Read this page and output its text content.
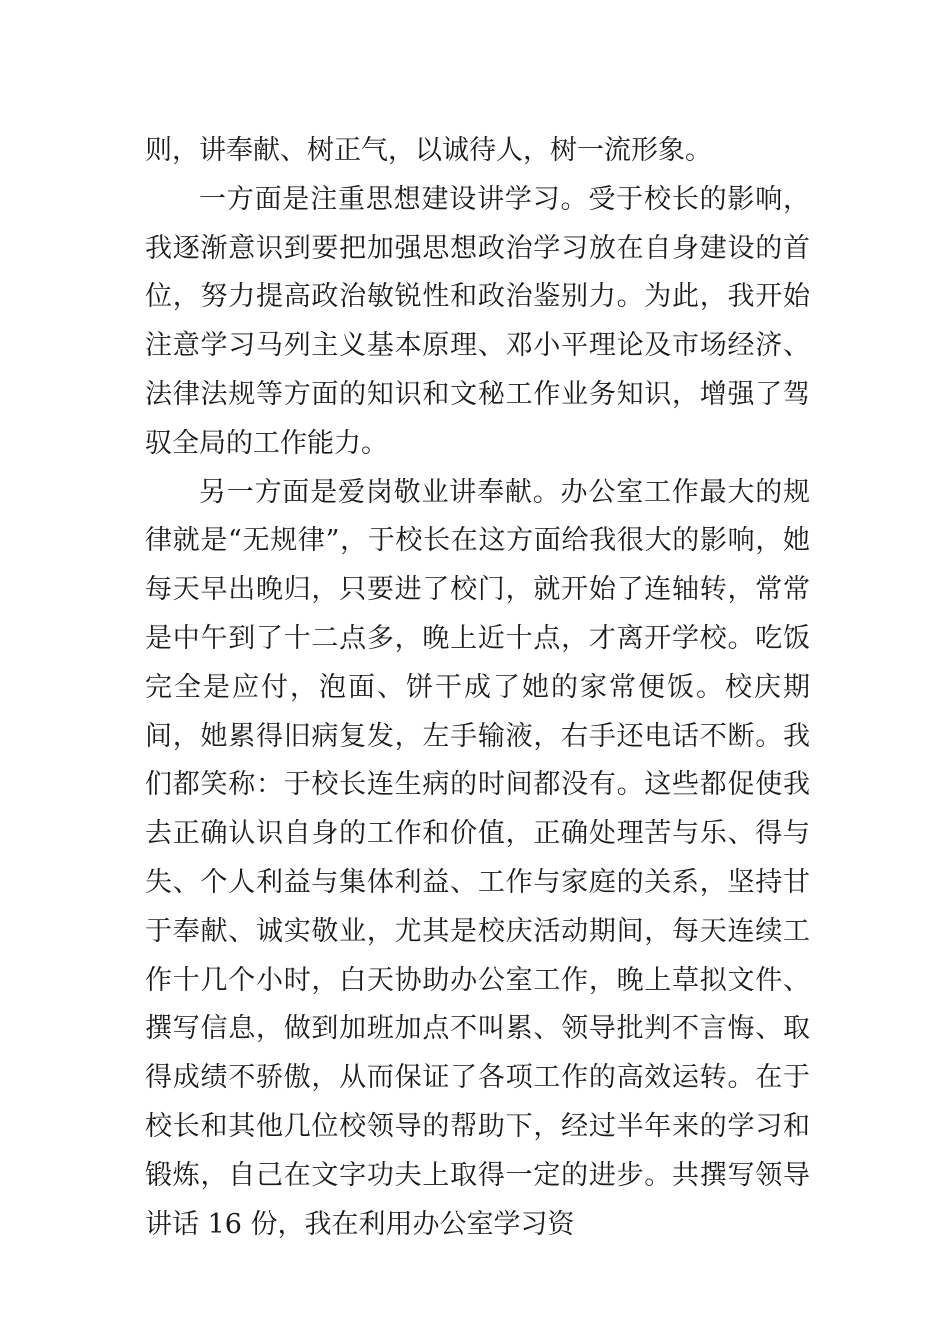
则，讲奉献、树正气，以诚待人，树一流形象。

一方面是注重思想建设讲学习。受于校长的影响，我逐渐意识到要把加强思想政治学习放在自身建设的首位，努力提高政治敏锐性和政治鉴别力。为此，我开始注意学习马列主义基本原理、邓小平理论及市场经济、法律法规等方面的知识和文秘工作业务知识，增强了驾驭全局的工作能力。

另一方面是爱岗敬业讲奉献。办公室工作最大的规律就是“无规律”，于校长在这方面给我很大的影响，她每天早出晚归，只要进了校门，就开始了连轴转，常常是中午到了十二点多，晚上近十点，才离开学校。吃饭完全是应付，泡面、饼干成了她的家常便饭。校庆期间，她累得旧病复发，左手输液，右手还电话不断。我们都笑称：于校长连生病的时间都没有。这些都促使我去正确认识自身的工作和价值，正确处理苦与乐、得与失、个人利益与集体利益、工作与家庭的关系，坚持甘于奉献、诚实敬业，尤其是校庆活动期间，每天连续工作十几个小时，白天协助办公室工作，晚上草拟文件、撰写信息，做到加班加点不叫累、领导批判不言悔、取得成绩不骄傲，从而保证了各项工作的高效运转。在于校长和其他几位校领导的帮助下，经过半年来的学习和锻炼，自己在文字功夫上取得一定的进步。共撰写领导讲话 16 份，我在利用办公室学习资
